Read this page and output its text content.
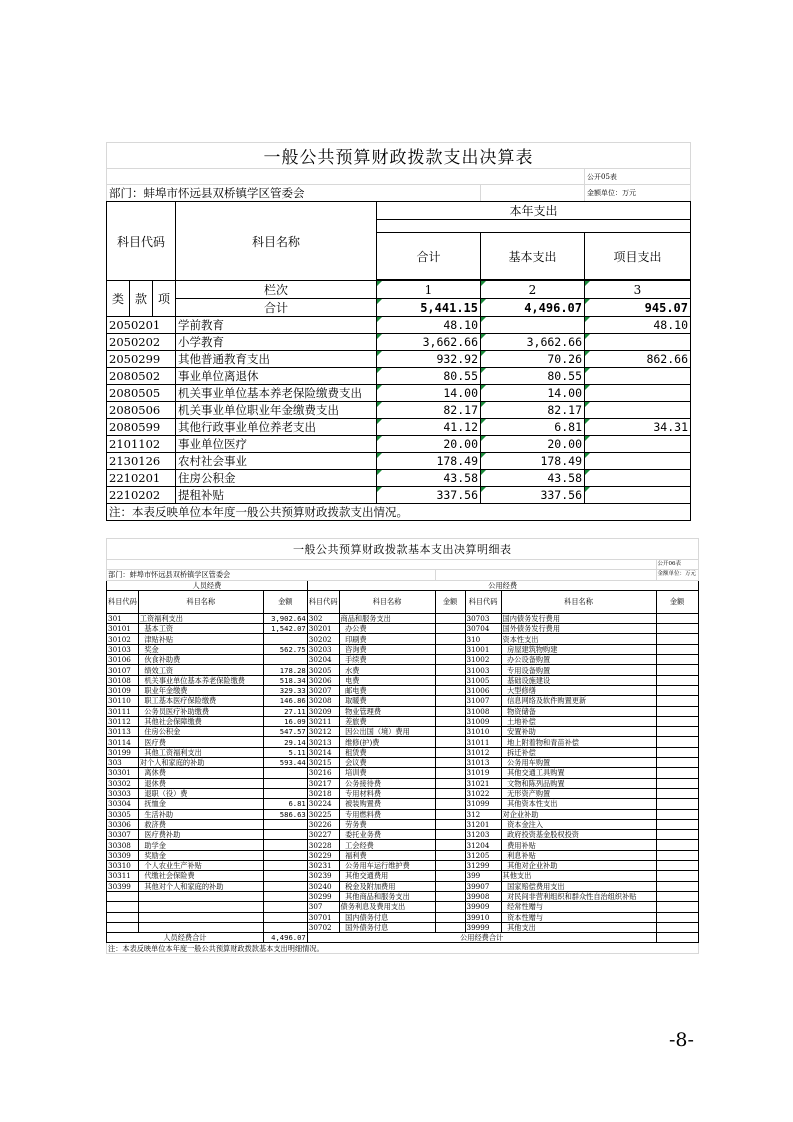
一般公共预算财政拨款支出决算表						
						公开05表
部门：蚌埠市怀远县双桥镇学区管委会						金额单位：万元
科目代码			科目名称	本年支出		

				合计	基本支出	项目支出

类	款	项	栏次	1	2	3
			合计	5,441.15	4,496.07	945.07
2050201			学前教育	48.10		48.10
2050202			小学教育	3,662.66	3,662.66	
2050299			其他普通教育支出	932.92	70.26	862.66
2080502			事业单位离退休	80.55	80.55	
2080505			机关事业单位基本养老保险缴费支出	14.00	14.00	
2080506			机关事业单位职业年金缴费支出	82.17	82.17	
2080599			其他行政事业单位养老支出	41.12	6.81	34.31
2101102			事业单位医疗	20.00	20.00	
2130126			农村社会事业	178.49	178.49	
2210201			住房公积金	43.58	43.58	
2210202			提租补贴	337.56	337.56	
注：本表反映单位本年度一般公共预算财政拨款支出情况。						
一般公共预算财政拨款基本支出决算明细表								
								公开06表
部门：蚌埠市怀远县双桥镇学区管委会								金额单位：万元
人员经费			公用经费					
科目代码	科目名称	金额	科目代码	科目名称	金额	科目代码	科目名称	金额
301	工资福利支出	3,902.64	302	商品和服务支出		30703	国内债务发行费用	
30101	基本工资	1,542.07	30201	办公费		30704	国外债务发行费用	
30102	津贴补贴		30202	印刷费		310	资本性支出	
30103	奖金	562.75	30203	咨询费		31001	房屋建筑物购建	
30106	伙食补助费		30204	手续费		31002	办公设备购置	
30107	绩效工资	178.28	30205	水费		31003	专用设备购置	
30108	机关事业单位基本养老保险缴费	518.34	30206	电费		31005	基础设施建设	
30109	职业年金缴费	329.33	30207	邮电费		31006	大型修缮	
30110	职工基本医疗保险缴费	146.86	30208	取暖费		31007	信息网络及软件购置更新	
30111	公务员医疗补助缴费	27.11	30209	物业管理费		31008	物资储备	
30112	其他社会保障缴费	16.09	30211	差旅费		31009	土地补偿	
30113	住房公积金	547.57	30212	因公出国（境）费用		31010	安置补助	
30114	医疗费	29.14	30213	维修(护)费		31011	地上附着物和青苗补偿	
30199	其他工资福利支出	5.11	30214	租赁费		31012	拆迁补偿	
303	对个人和家庭的补助	593.44	30215	会议费		31013	公务用车购置	
30301	离休费		30216	培训费		31019	其他交通工具购置	
30302	退休费		30217	公务接待费		31021	文物和陈列品购置	
30303	退职（役）费		30218	专用材料费		31022	无形资产购置	
30304	抚恤金	6.81	30224	被装购置费		31099	其他资本性支出	
30305	生活补助	586.63	30225	专用燃料费		312	对企业补助	
30306	救济费		30226	劳务费		31201	资本金注入	
30307	医疗费补助		30227	委托业务费		31203	政府投资基金股权投资	
30308	助学金		30228	工会经费		31204	费用补贴	
30309	奖励金		30229	福利费		31205	利息补贴	
30310	个人农业生产补贴		30231	公务用车运行维护费		31299	其他对企业补助	
30311	代缴社会保险费		30239	其他交通费用		399	其他支出	
30399	其他对个人和家庭的补助		30240	税金及附加费用		39907	国家赔偿费用支出	
			30299	其他商品和服务支出		39908	对民间非营利组织和群众性自治组织补贴	
			307	债务利息及费用支出		39909	经常性赠与	
			30701	国内债务付息		39910	资本性赠与	
			30702	国外债务付息		39999	其他支出	
人员经费合计		4,496.07	公用经费合计					
注：本表反映单位本年度一般公共预算财政拨款基本支出明细情况。								
-8-
